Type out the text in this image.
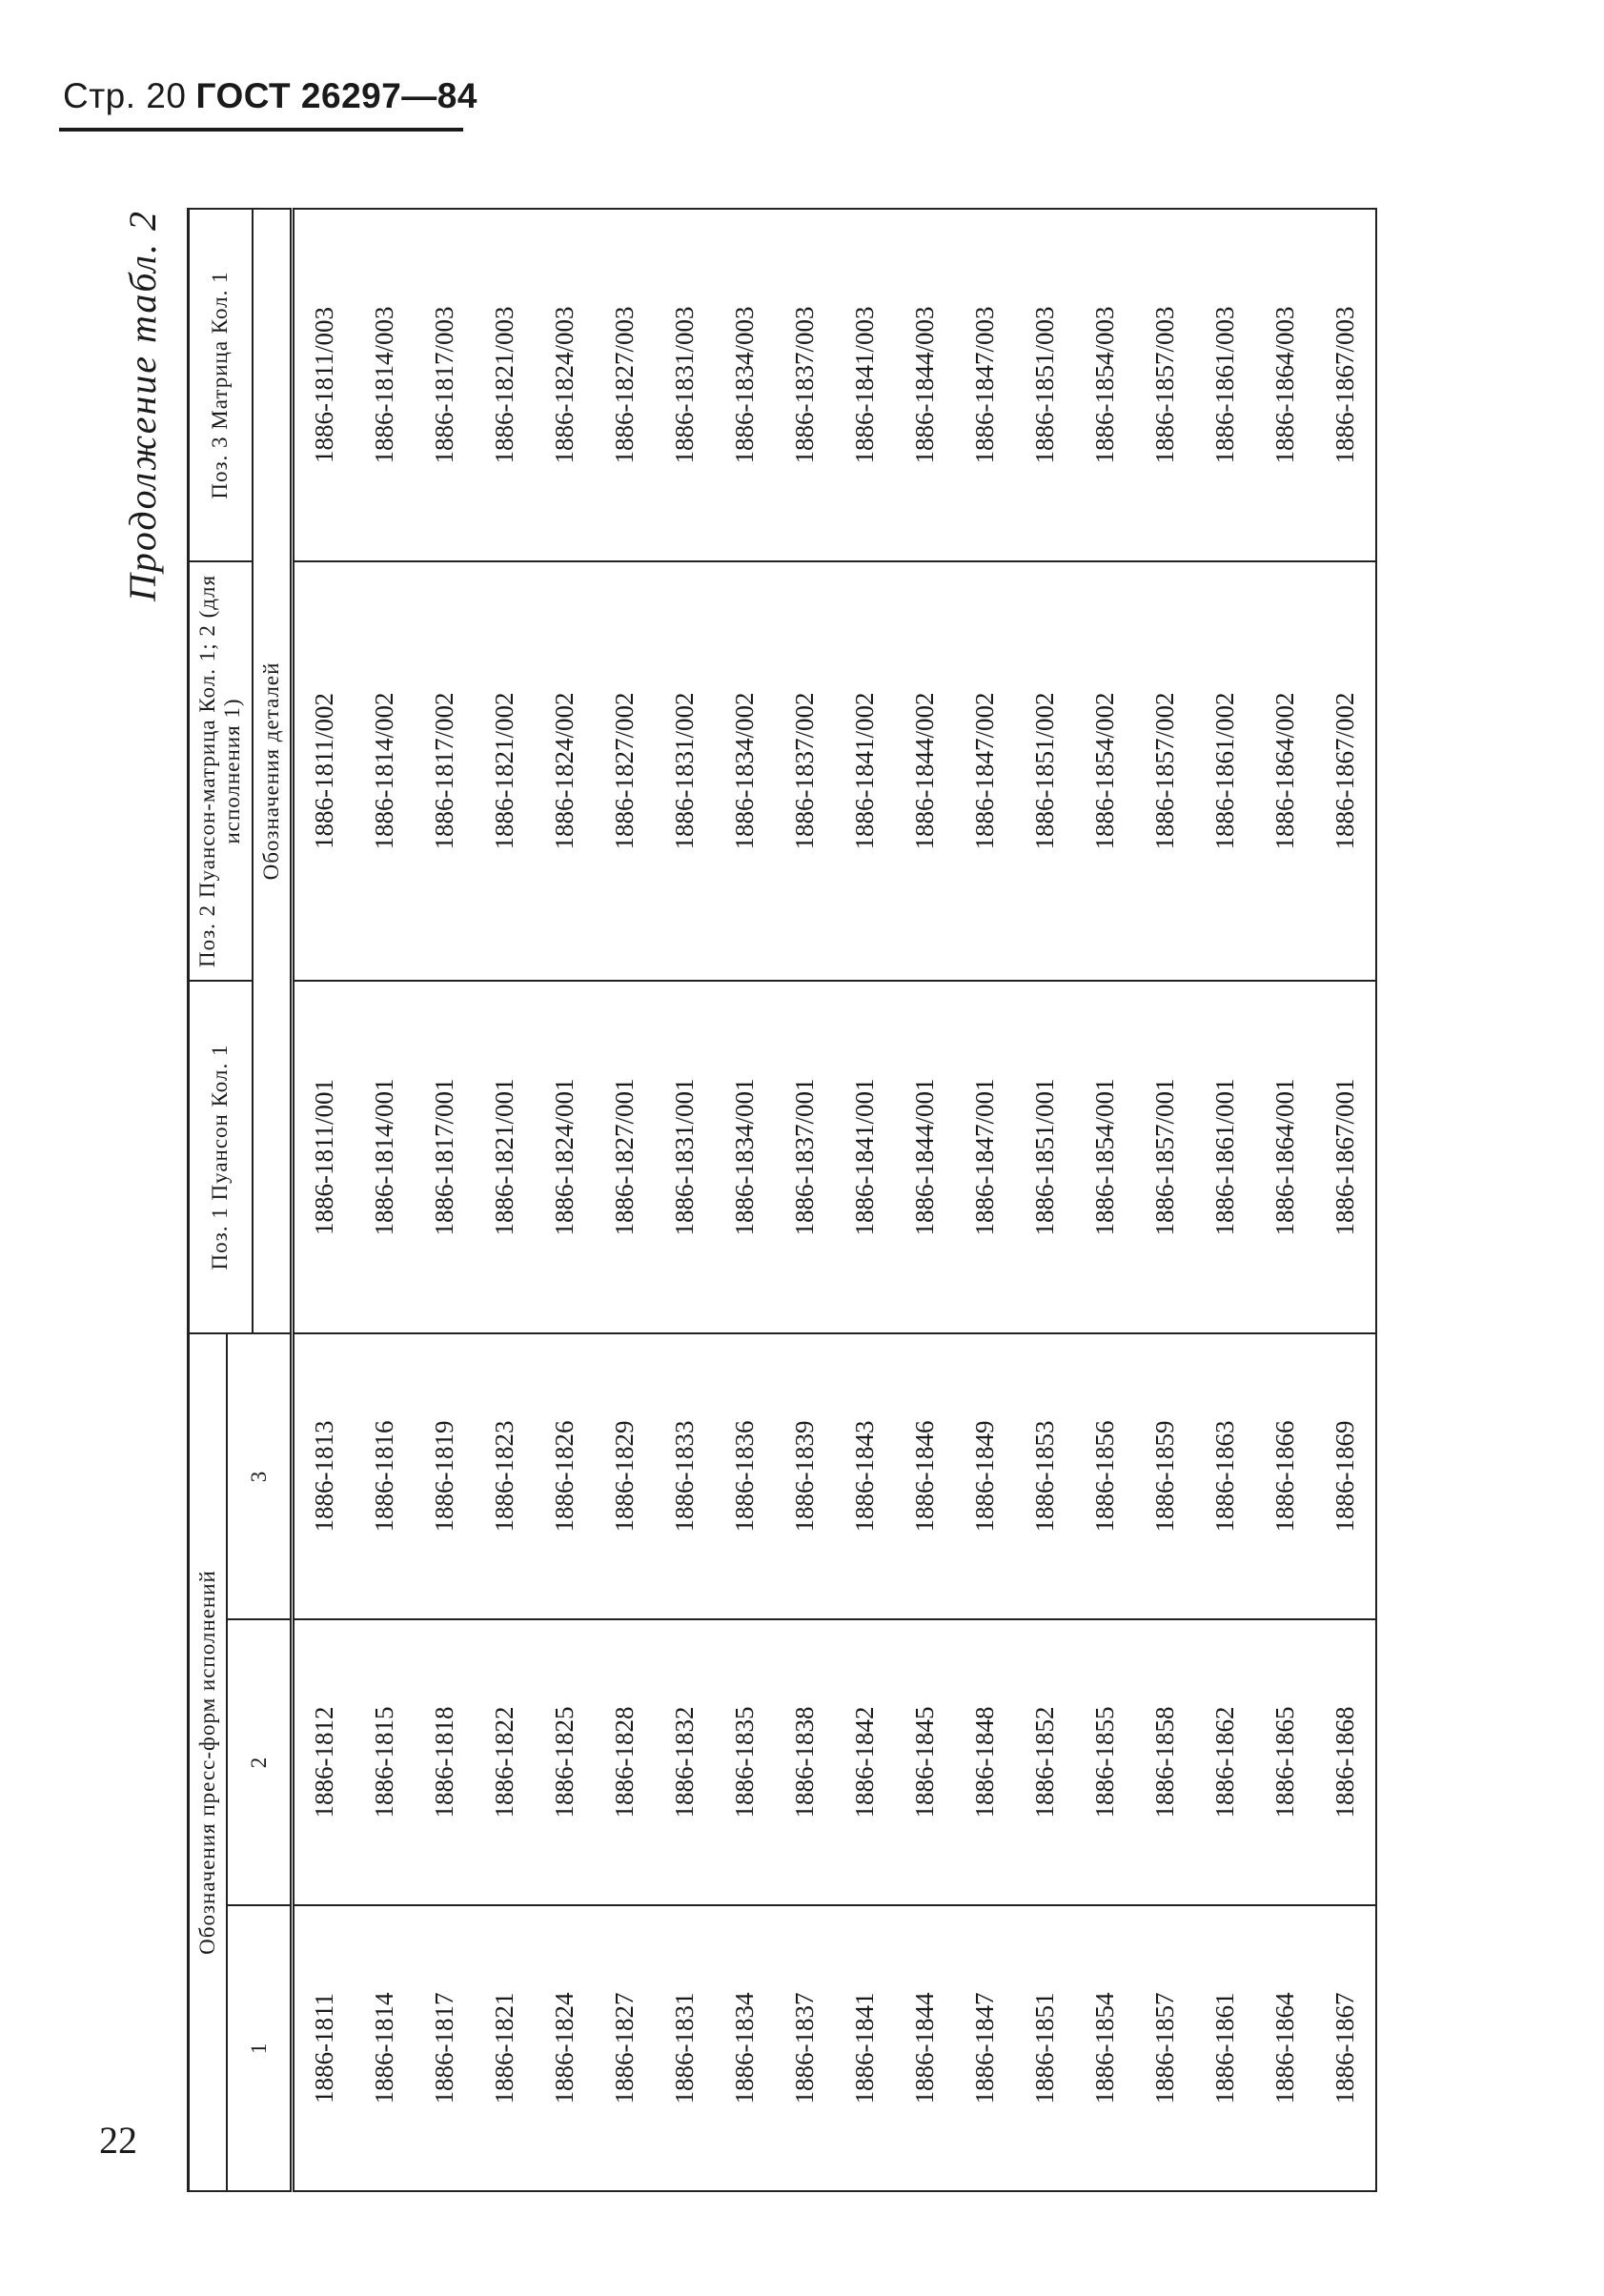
Стр. 20 ГОСТ 26297—84
Продолжение табл. 2
Обозначения пресс-форм исполнений			Поз. 1 Пуансон Кол. 1	Поз. 2 Пуансон-матрица Кол. 1; 2 (для исполнения 1)	Поз. 3 Матрица Кол. 1
1	2	3			
			Обозначения деталей		
1886-1811	1886-1812	1886-1813	1886-1811/001	1886-1811/002	1886-1811/003
1886-1814	1886-1815	1886-1816	1886-1814/001	1886-1814/002	1886-1814/003
1886-1817	1886-1818	1886-1819	1886-1817/001	1886-1817/002	1886-1817/003
1886-1821	1886-1822	1886-1823	1886-1821/001	1886-1821/002	1886-1821/003
1886-1824	1886-1825	1886-1826	1886-1824/001	1886-1824/002	1886-1824/003
1886-1827	1886-1828	1886-1829	1886-1827/001	1886-1827/002	1886-1827/003
1886-1831	1886-1832	1886-1833	1886-1831/001	1886-1831/002	1886-1831/003
1886-1834	1886-1835	1886-1836	1886-1834/001	1886-1834/002	1886-1834/003
1886-1837	1886-1838	1886-1839	1886-1837/001	1886-1837/002	1886-1837/003
1886-1841	1886-1842	1886-1843	1886-1841/001	1886-1841/002	1886-1841/003
1886-1844	1886-1845	1886-1846	1886-1844/001	1886-1844/002	1886-1844/003
1886-1847	1886-1848	1886-1849	1886-1847/001	1886-1847/002	1886-1847/003
1886-1851	1886-1852	1886-1853	1886-1851/001	1886-1851/002	1886-1851/003
1886-1854	1886-1855	1886-1856	1886-1854/001	1886-1854/002	1886-1854/003
1886-1857	1886-1858	1886-1859	1886-1857/001	1886-1857/002	1886-1857/003
1886-1861	1886-1862	1886-1863	1886-1861/001	1886-1861/002	1886-1861/003
1886-1864	1886-1865	1886-1866	1886-1864/001	1886-1864/002	1886-1864/003
1886-1867	1886-1868	1886-1869	1886-1867/001	1886-1867/002	1886-1867/003
22
